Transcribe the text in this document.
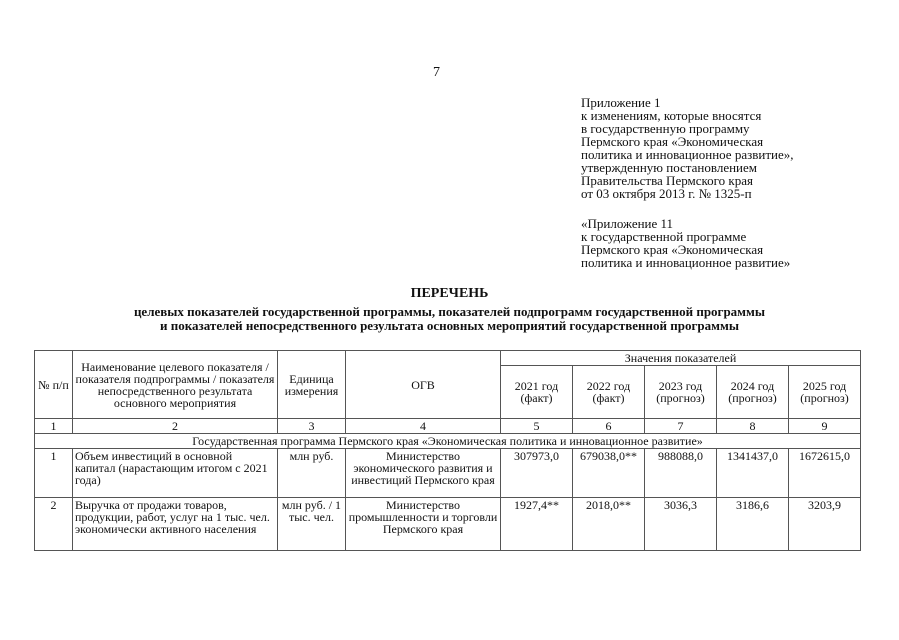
7
Приложение 1
к изменениям, которые вносятся
в государственную программу
Пермского края «Экономическая
политика и инновационное развитие»,
утвержденную постановлением
Правительства Пермского края
от 03 октября 2013 г. № 1325-п
«Приложение 11
к государственной программе
Пермского края «Экономическая
политика и инновационное развитие»
ПЕРЕЧЕНЬ
целевых показателей государственной программы, показателей подпрограмм государственной программы
и показателей непосредственного результата основных мероприятий государственной программы
№ п/п	Наименование целевого показателя / показателя подпрограммы / показателя непосредственного результата основного мероприятия	Единица измерения	ОГВ	Значения показателей				
				2021 год (факт)	2022 год (факт)	2023 год (прогноз)	2024 год (прогноз)	2025 год (прогноз)
1	2	3	4	5	6	7	8	9
Государственная программа Пермского края «Экономическая политика и инновационное развитие»								
1	Объем инвестиций в основной капитал (нарастающим итогом с 2021 года)	млн руб.	Министерство экономического развития и инвестиций Пермского края	307973,0	679038,0**	988088,0	1341437,0	1672615,0
2	Выручка от продажи товаров, продукции, работ, услуг на 1 тыс. чел. экономически активного населения	млн руб. / 1 тыс. чел.	Министерство промышленности и торговли Пермского края	1927,4**	2018,0**	3036,3	3186,6	3203,9
